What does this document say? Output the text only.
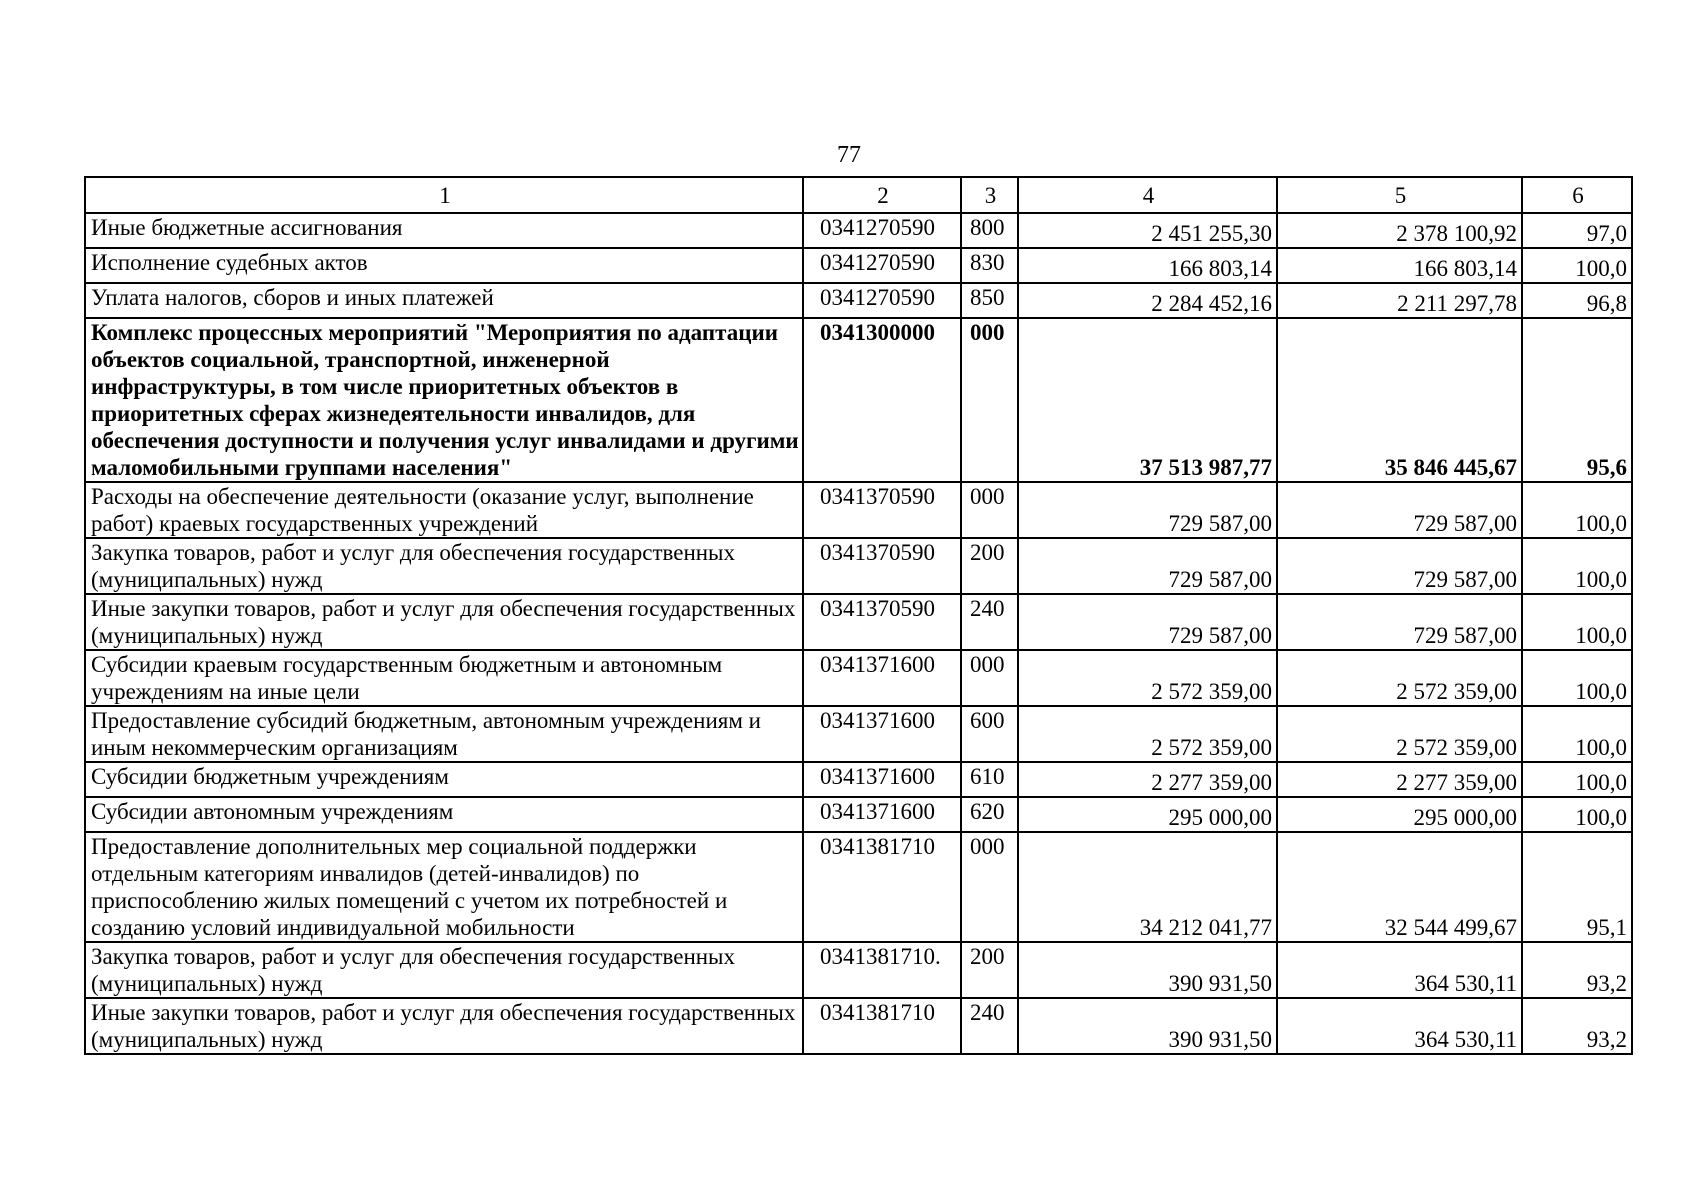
77
1	2	3	4	5	6
Иные бюджетные ассигнования	0341270590	800	2 451 255,30	2 378 100,92	97,0
Исполнение судебных актов	0341270590	830	166 803,14	166 803,14	100,0
Уплата налогов, сборов и иных платежей	0341270590	850	2 284 452,16	2 211 297,78	96,8
Комплекс процессных мероприятий "Мероприятия по адаптации объектов социальной, транспортной, инженерной инфраструктуры, в том числе приоритетных объектов в приоритетных сферах жизнедеятельности инвалидов, для обеспечения доступности и получения услуг инвалидами и другими маломобильными группами населения"	0341300000	000	37 513 987,77	35 846 445,67	95,6
Расходы на обеспечение деятельности (оказание услуг, выполнение работ) краевых государственных учреждений	0341370590	000	729 587,00	729 587,00	100,0
Закупка товаров, работ и услуг для обеспечения государственных (муниципальных) нужд	0341370590	200	729 587,00	729 587,00	100,0
Иные закупки товаров, работ и услуг для обеспечения государственных (муниципальных) нужд	0341370590	240	729 587,00	729 587,00	100,0
Субсидии краевым государственным бюджетным и автономным учреждениям на иные цели	0341371600	000	2 572 359,00	2 572 359,00	100,0
Предоставление субсидий бюджетным, автономным учреждениям и иным некоммерческим организациям	0341371600	600	2 572 359,00	2 572 359,00	100,0
Субсидии бюджетным учреждениям	0341371600	610	2 277 359,00	2 277 359,00	100,0
Субсидии автономным учреждениям	0341371600	620	295 000,00	295 000,00	100,0
Предоставление дополнительных мер социальной поддержки отдельным категориям инвалидов (детей-инвалидов) по приспособлению жилых помещений с учетом их потребностей и созданию условий индивидуальной мобильности	0341381710	000	34 212 041,77	32 544 499,67	95,1
Закупка товаров, работ и услуг для обеспечения государственных (муниципальных) нужд	0341381710.	200	390 931,50	364 530,11	93,2
Иные закупки товаров, работ и услуг для обеспечения государственных (муниципальных) нужд	0341381710	240	390 931,50	364 530,11	93,2
